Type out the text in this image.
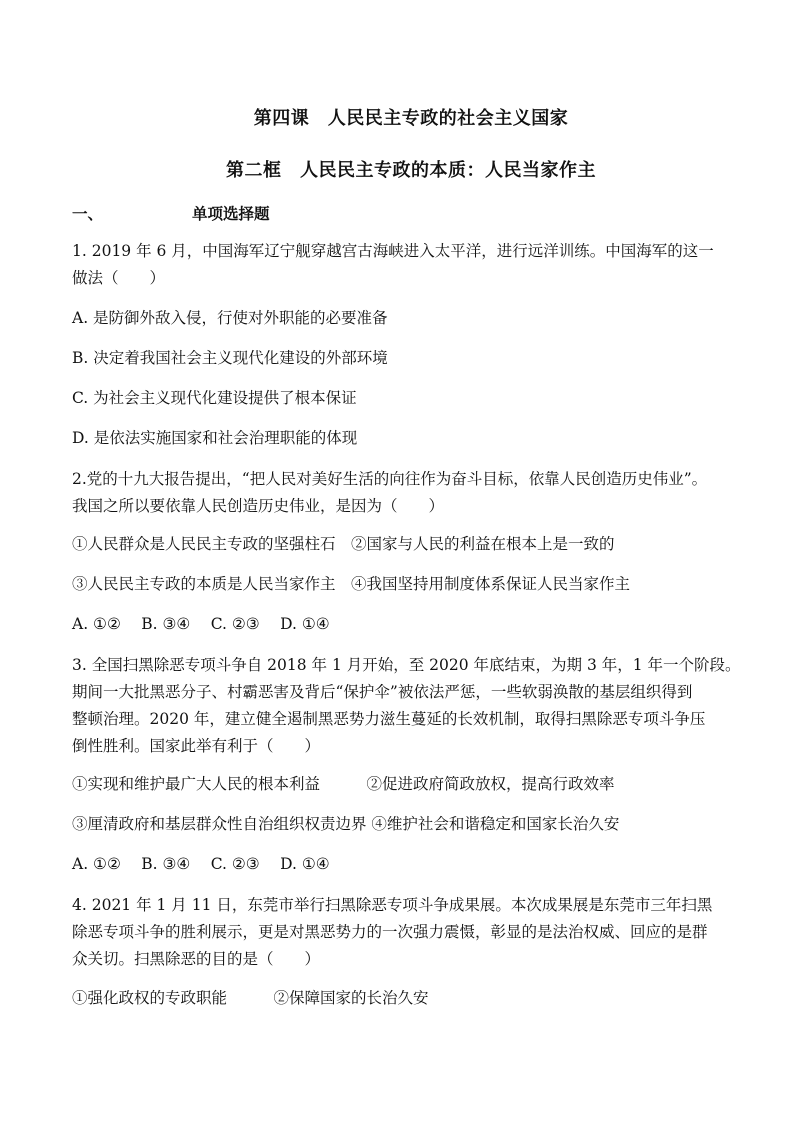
第四课　人民民主专政的社会主义国家
第二框　人民民主专政的本质：人民当家作主
一、	单项选择题

1. 2019 年 6 月，中国海军辽宁舰穿越宫古海峡进入太平洋，进行远洋训练。中国海军的这一

做法（　　）

A. 是防御外敌入侵，行使对外职能的必要准备
B. 决定着我国社会主义现代化建设的外部环境
C. 为社会主义现代化建设提供了根本保证
D. 是依法实施国家和社会治理职能的体现

2.党的十九大报告提出，“把人民对美好生活的向往作为奋斗目标，依靠人民创造历史伟业”。

我国之所以要依靠人民创造历史伟业，是因为（　　）

①人民群众是人民民主专政的坚强柱石　②国家与人民的利益在根本上是一致的
③人民民主专政的本质是人民当家作主　④我国坚持用制度体系保证人民当家作主
A. ①②　 B. ③④　 C. ②③　 D. ①④

3. 全国扫黑除恶专项斗争自 2018 年 1 月开始，至 2020 年底结束，为期 3 年，1 年一个阶段。

期间一大批黑恶分子、村霸恶害及背后“保护伞”被依法严惩，一些软弱涣散的基层组织得到

整顿治理。2020 年，建立健全遏制黑恶势力滋生蔓延的长效机制，取得扫黑除恶专项斗争压

倒性胜利。国家此举有利于（　　）

①实现和维护最广大人民的根本利益　　　②促进政府简政放权，提高行政效率
③厘清政府和基层群众性自治组织权责边界 ④维护社会和谐稳定和国家长治久安
A. ①②　 B. ③④　 C. ②③　 D. ①④

4. 2021 年 1 月 11 日，东莞市举行扫黑除恶专项斗争成果展。本次成果展是东莞市三年扫黑

除恶专项斗争的胜利展示，更是对黑恶势力的一次强力震慑，彰显的是法治权威、回应的是群

众关切。扫黑除恶的目的是（　　）

①强化政权的专政职能　　　②保障国家的长治久安
